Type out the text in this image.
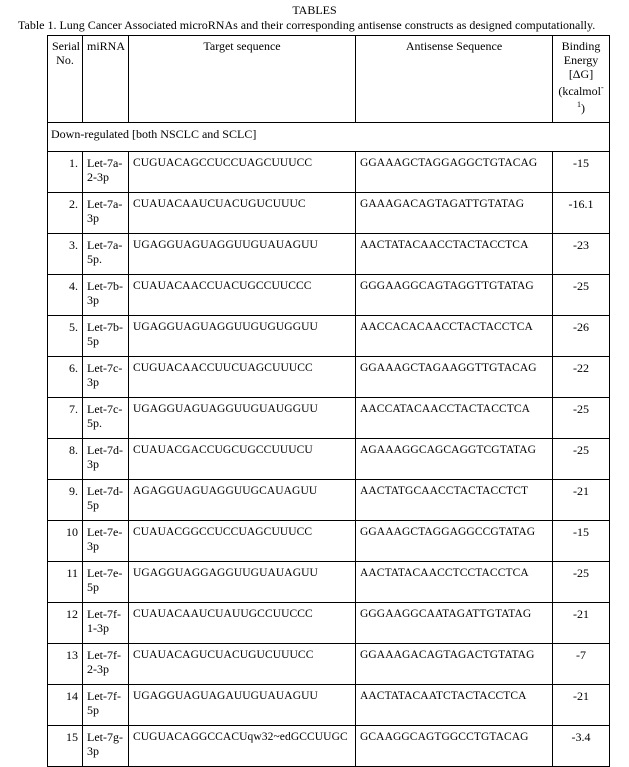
TABLES
Table 1. Lung Cancer Associated microRNAs and their corresponding antisense constructs as designed computationally.
Serial No.	miRNA	Target sequence	Antisense Sequence	Binding Energy [ΔG] (kcalmol$^{-1}$)
Down-regulated [both NSCLC and SCLC]				
1.	Let-7a-2-3p	CUGUACAGCCUCCUAGCUUUCC	GGAAAGCTAGGAGGCTGTACAG	-15
2.	Let-7a-3p	CUAUACAAUCUACUGUCUUUC	GAAAGACAGTAGATTGTATAG	-16.1
3.	Let-7a-5p.	UGAGGUAGUAGGUUGUAUAGUU	AACTATACAACCTACTACCTCA	-23
4.	Let-7b-3p	CUAUACAACCUACUGCCUUCCC	GGGAAGGCAGTAGGTTGTATAG	-25
5.	Let-7b-5p	UGAGGUAGUAGGUUGUGUGGUU	AACCACACAACCTACTACCTCA	-26
6.	Let-7c-3p	CUGUACAACCUUCUAGCUUUCC	GGAAAGCTAGAAGGTTGTACAG	-22
7.	Let-7c-5p.	UGAGGUAGUAGGUUGUAUGGUU	AACCATACAACCTACTACCTCA	-25
8.	Let-7d-3p	CUAUACGACCUGCUGCCUUUCU	AGAAAGGCAGCAGGTCGTATAG	-25
9.	Let-7d-5p	AGAGGUAGUAGGUUGCAUAGUU	AACTATGCAACCTACTACCTCT	-21
10	Let-7e-3p	CUAUACGGCCUCCUAGCUUUCC	GGAAAGCTAGGAGGCCGTATAG	-15
11	Let-7e-5p	UGAGGUAGGAGGUUGUAUAGUU	AACTATACAACCTCCTACCTCA	-25
12	Let-7f-1-3p	CUAUACAAUCUAUUGCCUUCCC	GGGAAGGCAATAGATTGTATAG	-21
13	Let-7f-2-3p	CUAUACAGUCUACUGUCUUUCC	GGAAAGACAGTAGACTGTATAG	-7
14	Let-7f-5p	UGAGGUAGUAGAUUGUAUAGUU	AACTATACAATCTACTACCTCA	-21
15	Let-7g-3p	CUGUACAGGCCACUqw32~edGCCUUGC	GCAAGGCAGTGGCCTGTACAG	-3.4
